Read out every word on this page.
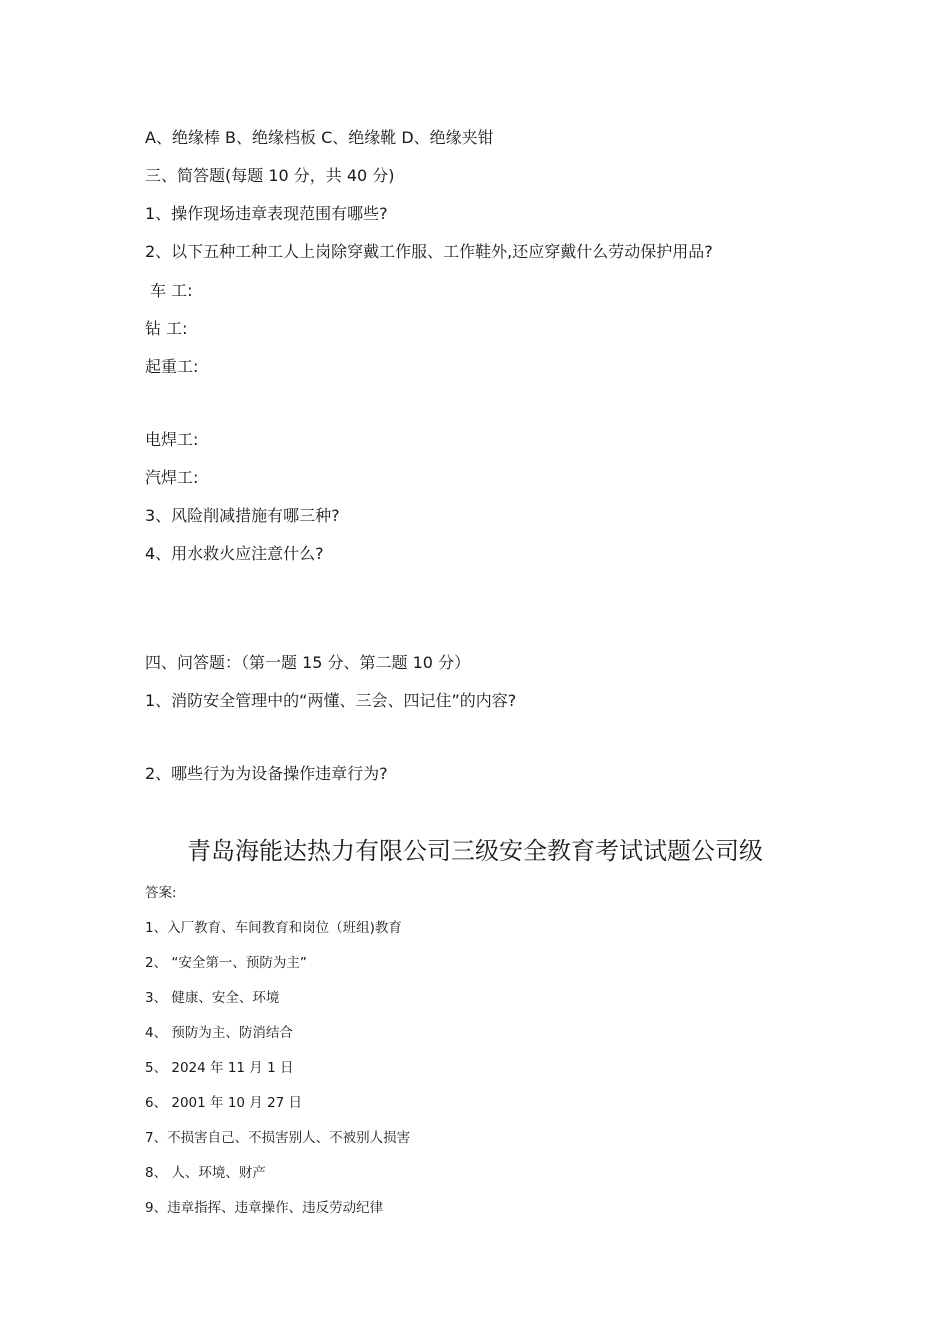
A、绝缘棒 B、绝缘档板 C、绝缘靴 D、绝缘夹钳
三、简答题(每题 10 分，共 40 分)
1、操作现场违章表现范围有哪些?
2、以下五种工种工人上岗除穿戴工作服、工作鞋外,还应穿戴什么劳动保护用品?
车 工:
钻 工:
起重工:
电焊工:
汽焊工:
3、风险削减措施有哪三种?
4、用水救火应注意什么?
四、问答题：（第一题 15 分、第二题 10 分）
1、消防安全管理中的“两懂、三会、四记住”的内容?
2、哪些行为为设备操作违章行为?
青岛海能达热力有限公司三级安全教育考试试题公司级
答案:
1、入厂教育、车间教育和岗位（班组)教育
2、 “安全第一、预防为主”
3、 健康、安全、环境
4、 预防为主、防消结合
5、 2024 年 11 月 1 日
6、 2001 年 10 月 27 日
7、不损害自己、不损害别人、不被别人损害
8、 人、环境、财产
9、违章指挥、违章操作、违反劳动纪律
